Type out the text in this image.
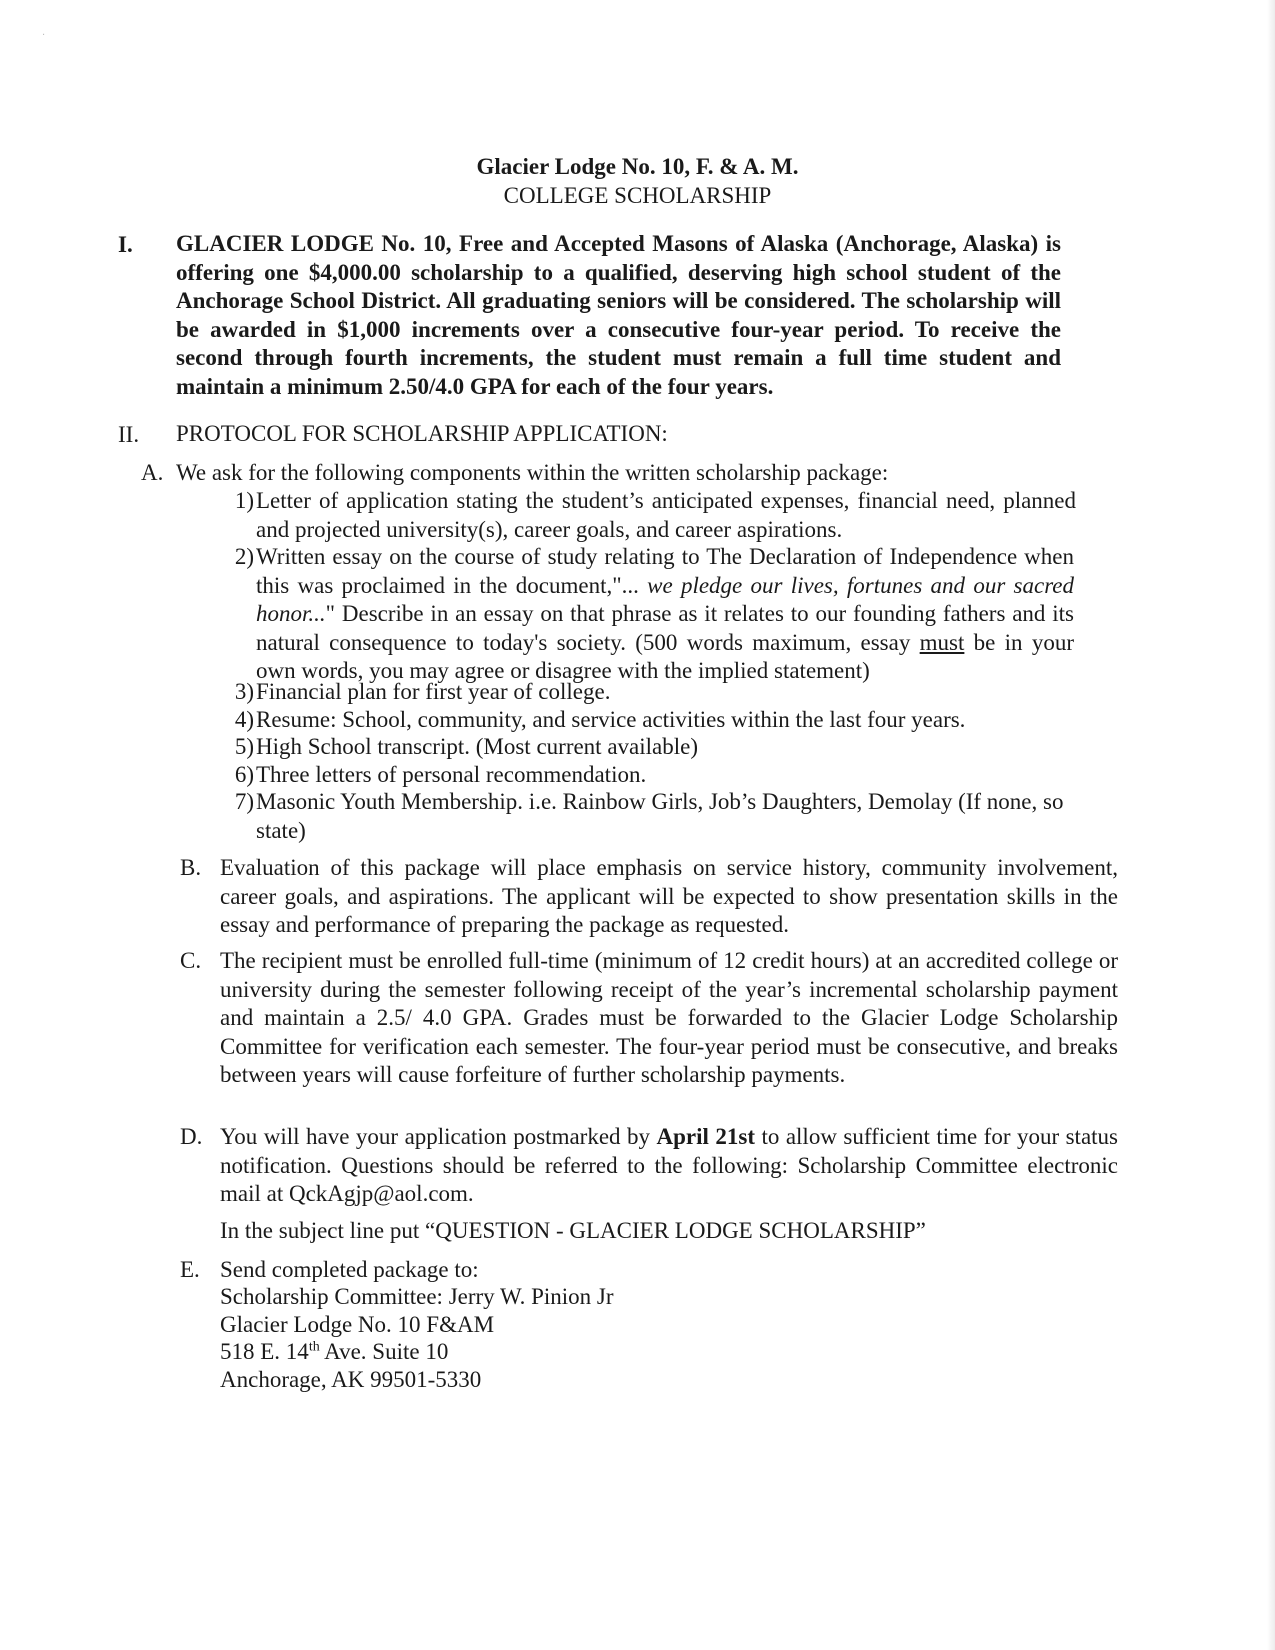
·
Glacier Lodge No. 10, F. & A. M.
COLLEGE SCHOLARSHIP
I. GLACIER LODGE No. 10, Free and Accepted Masons of Alaska (Anchorage, Alaska) is offering one $4,000.00 scholarship to a qualified, deserving high school student of the Anchorage School District. All graduating seniors will be considered. The scholarship will be awarded in $1,000 increments over a consecutive four-year period. To receive the second through fourth increments, the student must remain a full time student and maintain a minimum 2.50/4.0 GPA for each of the four years.
II. PROTOCOL FOR SCHOLARSHIP APPLICATION:
A. We ask for the following components within the written scholarship package:
1) Letter of application stating the student’s anticipated expenses, financial need, planned and projected university(s), career goals, and career aspirations.
2) Written essay on the course of study relating to The Declaration of Independence when this was proclaimed in the document,"... we pledge our lives, fortunes and our sacred honor..." Describe in an essay on that phrase as it relates to our founding fathers and its natural consequence to today's society. (500 words maximum, essay must be in your own words, you may agree or disagree with the implied statement)
3) Financial plan for first year of college.
4) Resume: School, community, and service activities within the last four years.
5) High School transcript. (Most current available)
6) Three letters of personal recommendation.
7) Masonic Youth Membership. i.e. Rainbow Girls, Job’s Daughters, Demolay (If none, so state)
B. Evaluation of this package will place emphasis on service history, community involvement, career goals, and aspirations. The applicant will be expected to show presentation skills in the essay and performance of preparing the package as requested.
C. The recipient must be enrolled full-time (minimum of 12 credit hours) at an accredited college or university during the semester following receipt of the year’s incremental scholarship payment and maintain a 2.5/ 4.0 GPA. Grades must be forwarded to the Glacier Lodge Scholarship Committee for verification each semester. The four-year period must be consecutive, and breaks between years will cause forfeiture of further scholarship payments.
D. You will have your application postmarked by April 21st to allow sufficient time for your status notification. Questions should be referred to the following: Scholarship Committee electronic mail at QckAgjp@aol.com.
In the subject line put “QUESTION - GLACIER LODGE SCHOLARSHIP”
E. Send completed package to:
Scholarship Committee: Jerry W. Pinion Jr
Glacier Lodge No. 10 F&AM
518 E. 14th Ave. Suite 10
Anchorage, AK 99501-5330
